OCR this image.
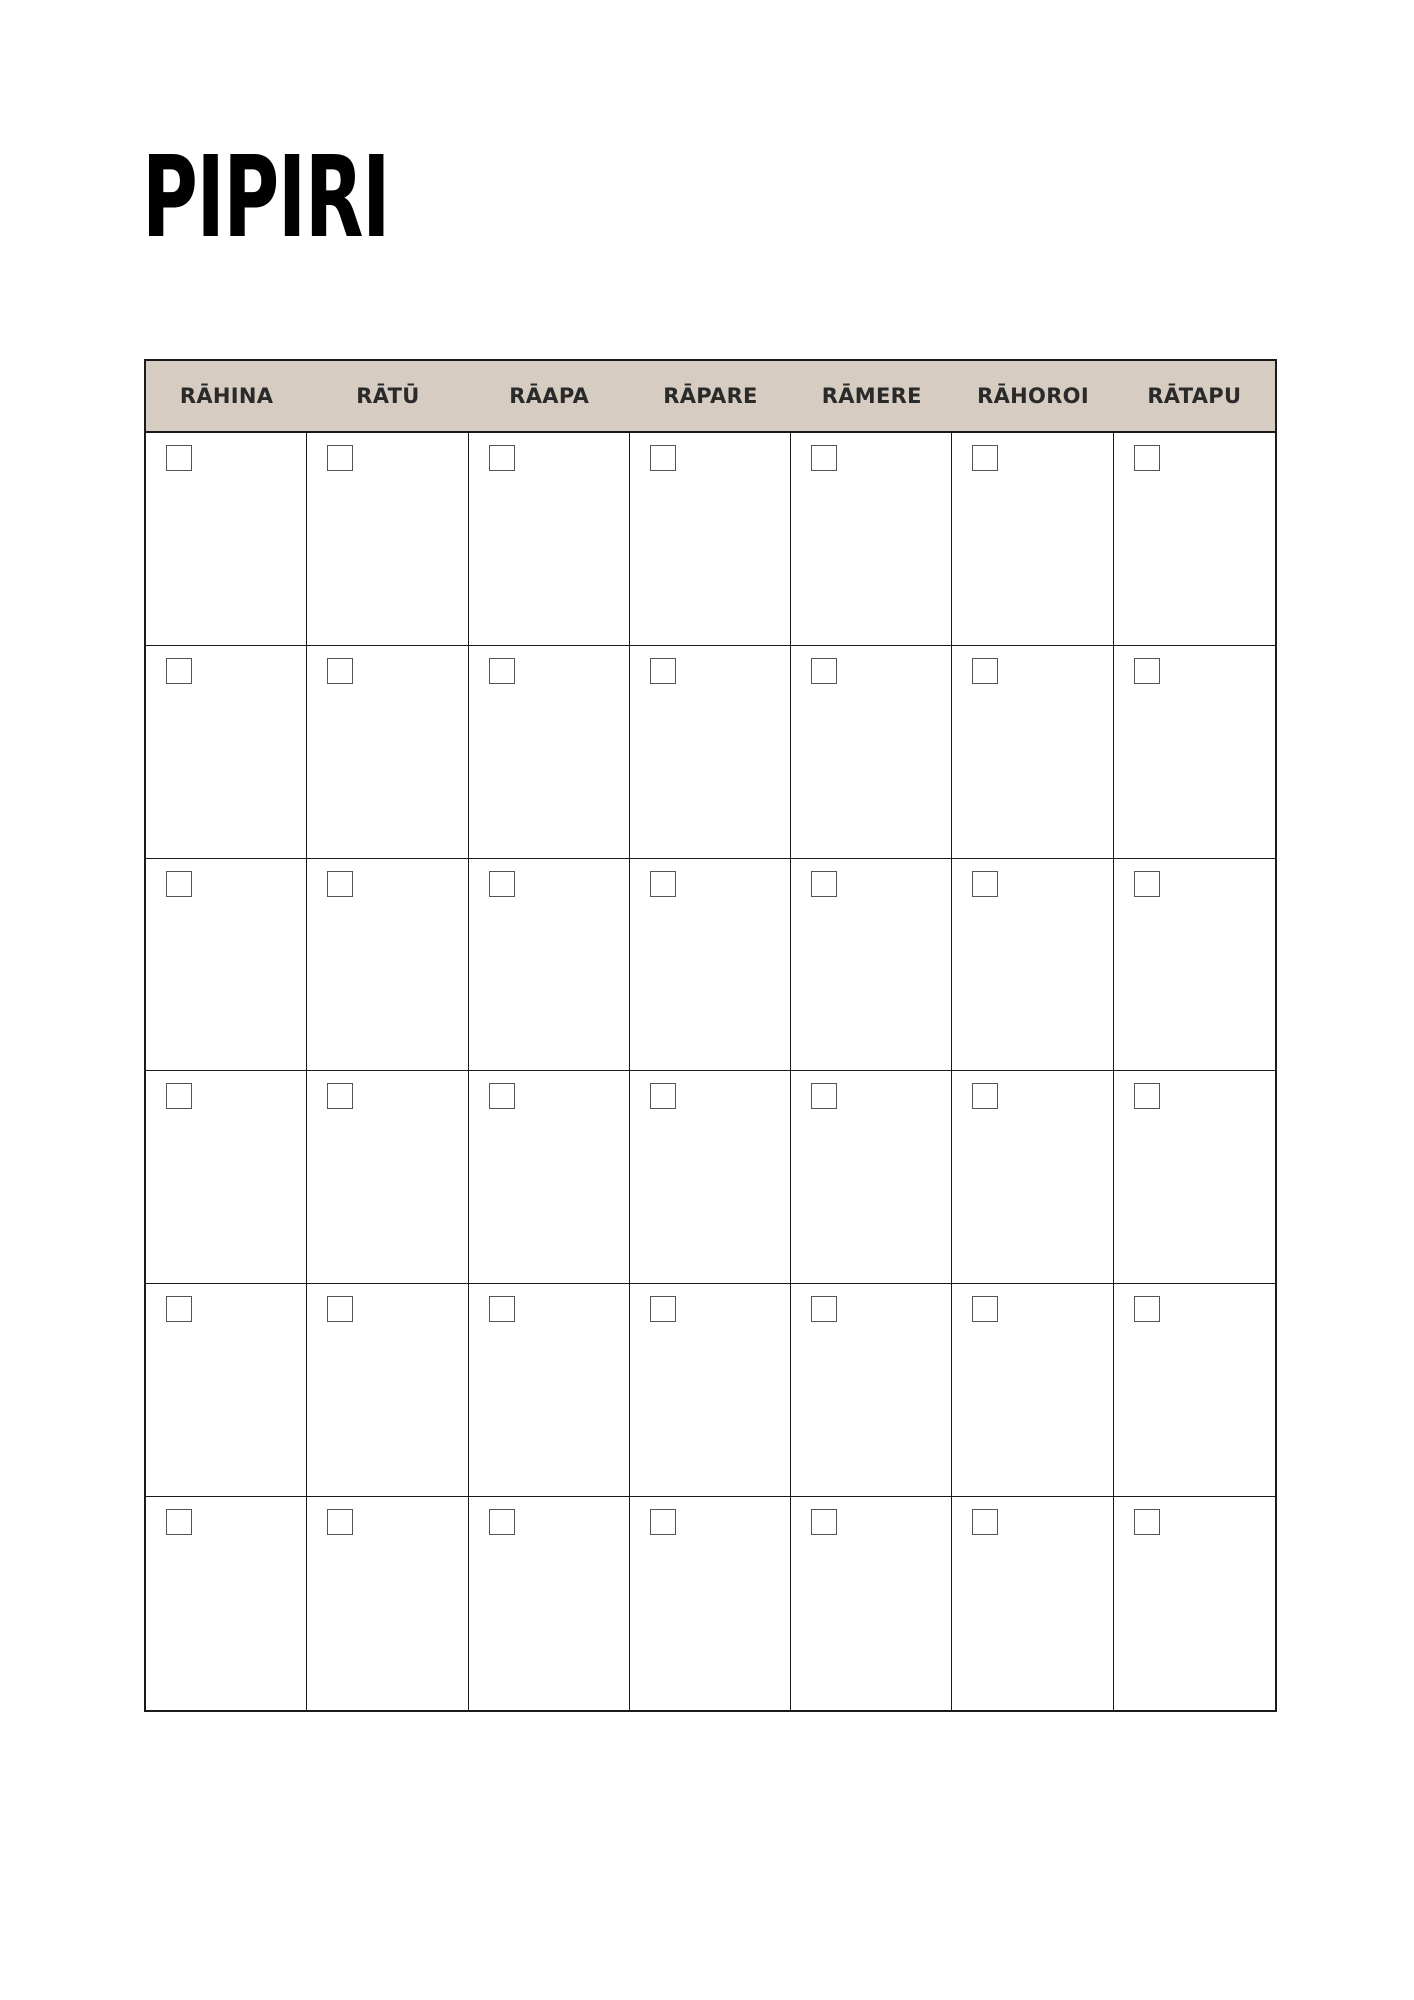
PIPIRI
RĀHINA	RĀTŪ	RĀAPA	RĀPARE	RĀMERE	RĀHOROI	RĀTAPU
